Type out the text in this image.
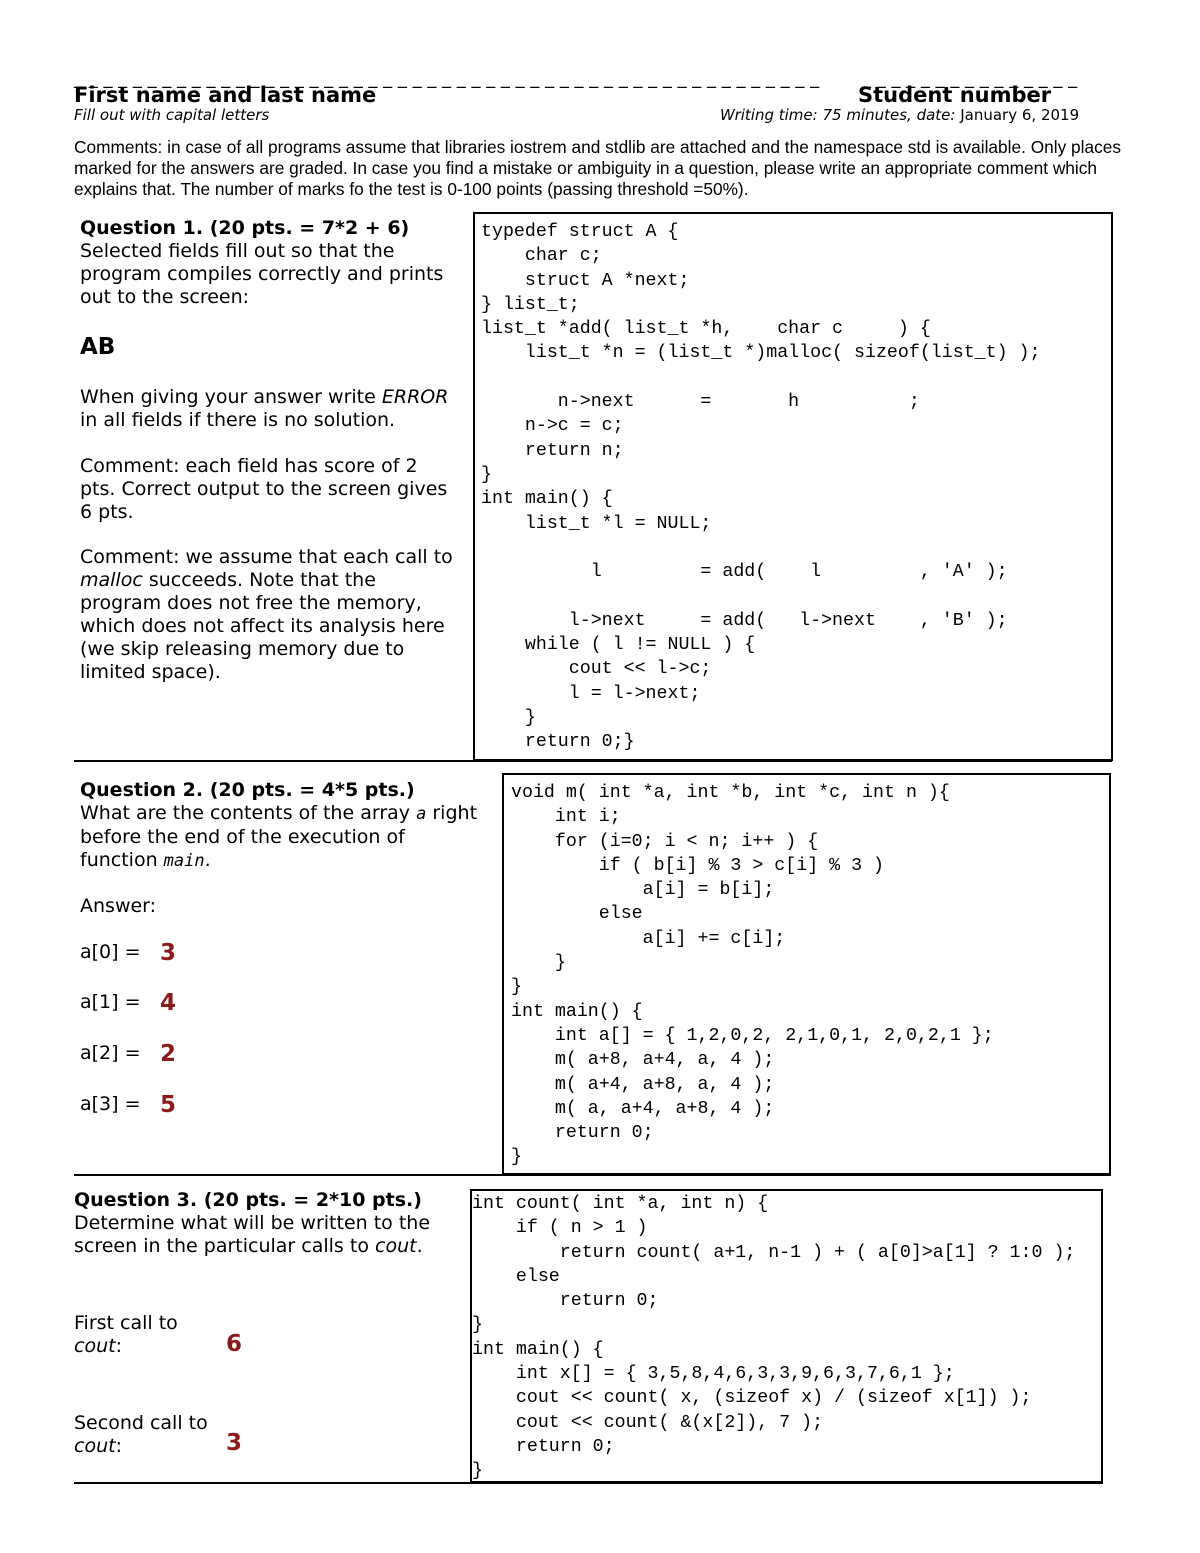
_ _ _ _ _ _ _ _ _ _ _ _ _ _ _ _ _ _ _ _ _ _ _ _ _ _ _ _ _ _ _ _ _ _ _ _ _ _ _ _ _ _ _ _ _ _ _ _ _ _ _ _ _ _ _ _ _ _ _ _ _ _ _ _ _ _
First name and last name
Fill out with capital letters
Student number
Writing time: 75 minutes, date: January 6, 2019
Comments: in case of all programs assume that libraries iostrem and stdlib are attached and the namespace std is available. Only places marked for the answers are graded. In case you find a mistake or ambiguity in a question, please write an appropriate comment which explains that. The number of marks fo the test is 0-100 points (passing threshold =50%).
Question 1. (20 pts. = 7*2 + 6)
Selected fields fill out so that the program compiles correctly and prints out to the screen:
AB
When giving your answer write ERROR in all fields if there is no solution.
Comment: each field has score of 2 pts. Correct output to the screen gives 6 pts.
Comment: we assume that each call to malloc succeeds. Note that the program does not free the memory, which does not affect its analysis here (we skip releasing memory due to limited space).
typedef struct A {
char c;
struct A *next;
} list_t;
list_t *add( list_t *h,    char c     ) {
list_t *n = (list_t *)malloc( sizeof(list_t) );

n->next      =       h          ;
n->c = c;
return n;
}
int main() {
list_t *l = NULL;

l         = add(    l         , 'A' );

l->next     = add(   l->next    , 'B' );
while ( l != NULL ) {
cout << l->c;
l = l->next;
}
return 0;}
Question 2. (20 pts. = 4*5 pts.)
What are the contents of the array a right before the end of the execution of function main.
Answer:
a[0] = 3
a[1] = 4
a[2] = 2
a[3] = 5
void m( int *a, int *b, int *c, int n ){
int i;
for (i=0; i < n; i++ ) {
if ( b[i] % 3 > c[i] % 3 )
a[i] = b[i];
else
a[i] += c[i];
}
}
int main() {
int a[] = { 1,2,0,2, 2,1,0,1, 2,0,2,1 };
m( a+8, a+4, a, 4 );
m( a+4, a+8, a, 4 );
m( a, a+4, a+8, 4 );
return 0;
}
Question 3. (20 pts. = 2*10 pts.)
Determine what will be written to the screen in the particular calls to cout.
First call to
cout:	6
Second call to
cout:	3
int count( int *a, int n) {
if ( n > 1 )
return count( a+1, n-1 ) + ( a[0]>a[1] ? 1:0 );
else
return 0;
}
int main() {
int x[] = { 3,5,8,4,6,3,3,9,6,3,7,6,1 };
cout << count( x, (sizeof x) / (sizeof x[1]) );
cout << count( &(x[2]), 7 );
return 0;
}
